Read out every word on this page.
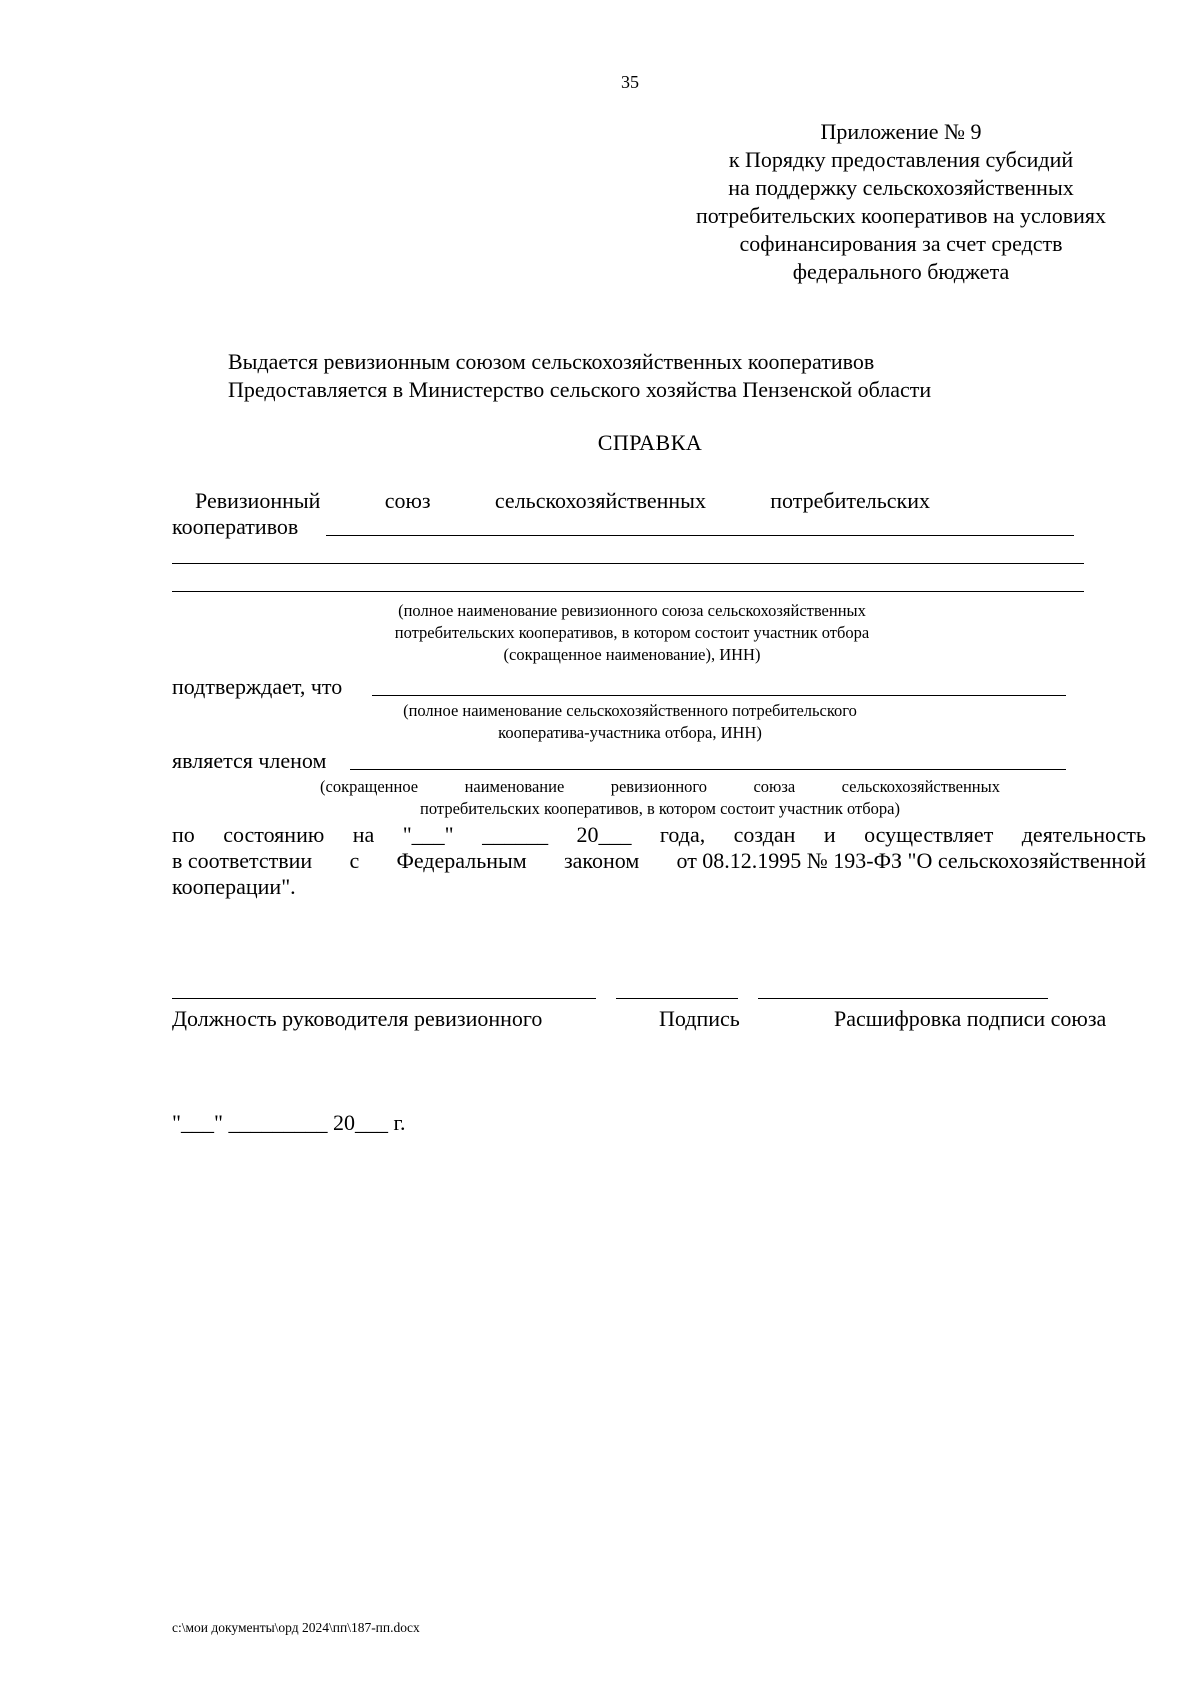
35
Приложение № 9
к Порядку предоставления субсидий
на поддержку сельскохозяйственных
потребительских кооперативов на условиях
софинансирования за счет средств
федерального бюджета
Выдается ревизионным союзом сельскохозяйственных кооперативов
Предоставляется в Министерство сельского хозяйства Пензенской области
СПРАВКА
Ревизионный	союз	сельскохозяйственных	потребительских
кооперативов
(полное наименование ревизионного союза сельскохозяйственных
потребительских кооперативов, в котором состоит участник отбора
(сокращенное наименование), ИНН)
подтверждает, что
(полное наименование сельскохозяйственного потребительского
кооператива-участника отбора, ИНН)
является членом
(сокращенное	наименование	ревизионного	союза	сельскохозяйственных
потребительских кооперативов, в котором состоит участник отбора)
по состоянию на "___" ______ 20___ года, создан и осуществляет деятельность
в соответствии с Федеральным законом от 08.12.1995 № 193-ФЗ "О сельскохозяйственной
кооперации".
Должность руководителя ревизионного	Подпись	Расшифровка подписи союза
"___" _________ 20___ г.
c:\мои документы\орд 2024\пп\187-пп.docx
